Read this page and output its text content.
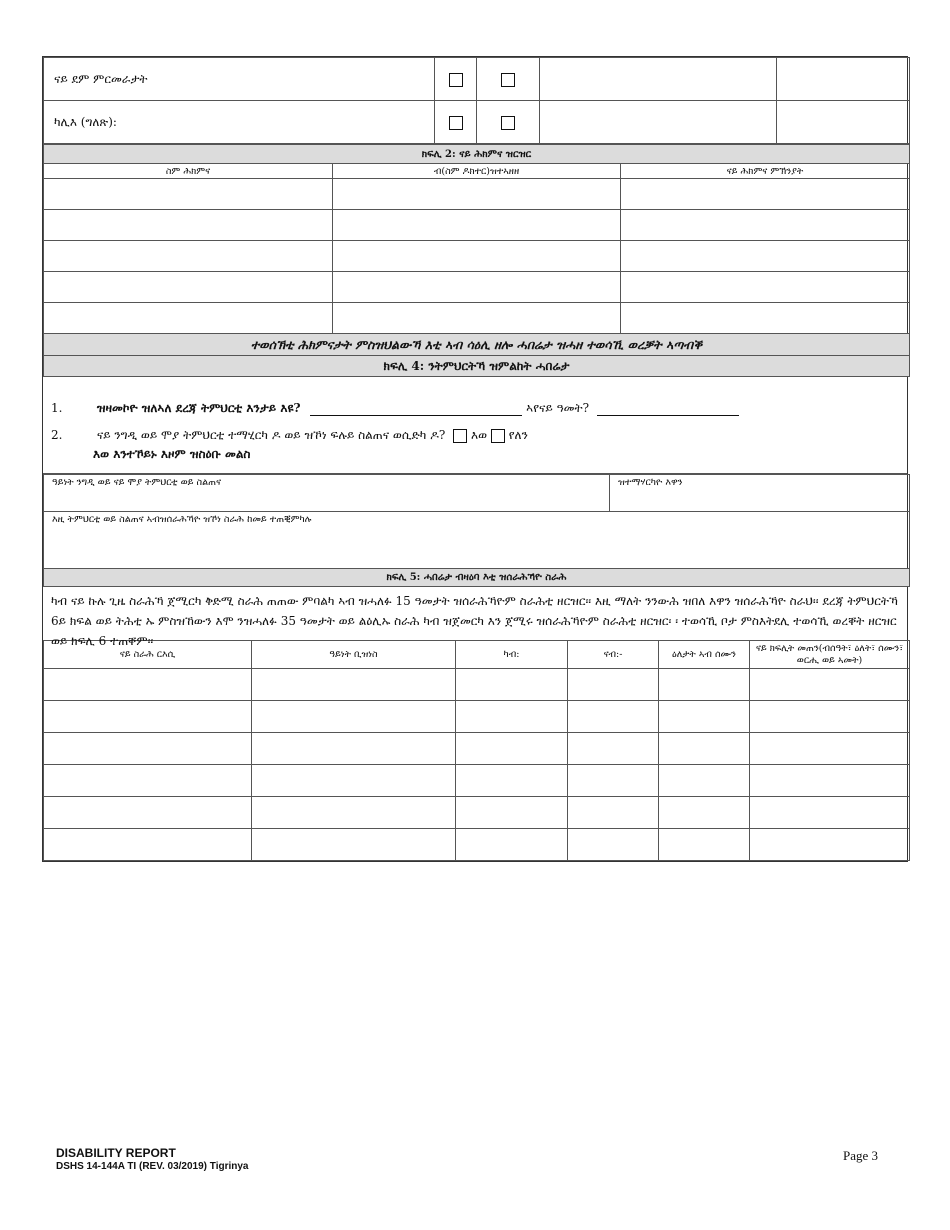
ናይ ደም ምርመራታት				
ካሊእ (ግለጽ):				
ክፍሊ 2: ናይ ሕክምና ዝርዝር		
ስም ሕክምና	ብ(ስም ዶክተር)ዝተኣዘዘ	ናይ ሕክምና ምኽንያት

ተወሰኽቲ ሕክምናታት ምስዝህልውኻ እቲ ኣብ ሳዕሊ ዘሎ ሓበሬታ ዝሓዘ ተወሳኺ ወረቓት ኣጣብቕ		
ክፍሊ 4: ንትምህርትኻ ዝምልከት ሓበሬታ		
1.	ዝዛመኮዮ ዝለኣለ ደረጃ ትምህርቲ እንታይ እዩ?	ኣየናይ ዓመት?
2.	ናይ ንግዲ ወይ ሞያ ትምህርቲ ተማሂርካ ዶ ወይ ዝኾነ ፍሉይ ስልጠና ወሲድካ ዶ? እወ የለን
እወ እንተኾይኑ እዞም ዝስዕቡ መልስ
ዓይነት ንግዲ ወይ ናይ ሞያ ትምህርቲ ወይ ስልጠና	ዝተማሃርካዮ እዋን
እዚ ትምህርቲ ወይ ስልጠና ኣብዝሰራሕኻዮ ዝኾነ ስራሕ ከመይ ተጠቒምካሉ
ክፍሊ 5: ሓበሬታ ብዛዕባ እቲ ዝሰራሕኻዮ ስራሕ
ካብ ናይ ኩሉ ጊዜ ስራሕኻ ጀሚርካ ቅድሚ ስራሕ ጠጠው ምባልካ ኣብ ዝሓለፉ 15 ዓመታት ዝሰራሕኻዮም ስራሕቲ ዘርዝር፡፡ እዚ ማለት ንንውሕ ዝበለ እዋን ዝሰራሕኻዮ ስራህ፡፡ ደረጃ ትምህርትኻ 6ይ ክፍል ወይ ትሕቲ ኡ ምስዝኸውን እሞ ንዝሓለፉ 35 ዓመታት ወይ ልዕሊኡ ስራሕ ካብ ዝጀመርካ እን ጀሚሩ ዝሰራሕኻዮም ስራሕቲ ዘርዝር፡ ፡ ተወሳኺ ቦታ ምስእትደሊ ተወሳኺ ወረቐት ዘርዝር ወይ ክፍሊ 6 ተጠቐም፡፡
ናይ ስራሕ ርእሲ	ዓይነት ቢዝነስ	ካብ:	ናብ:-	ዕለታት ኣብ ሰሙን	ናይ ክፍሊት መጠን(ብሰዓት፣ ዕለት፣ ሰሙን፣ ወርሒ ወይ ኣመት)

DISABILITY REPORT
DSHS 14-144A TI (REV. 03/2019) Tigrinya
Page 3
